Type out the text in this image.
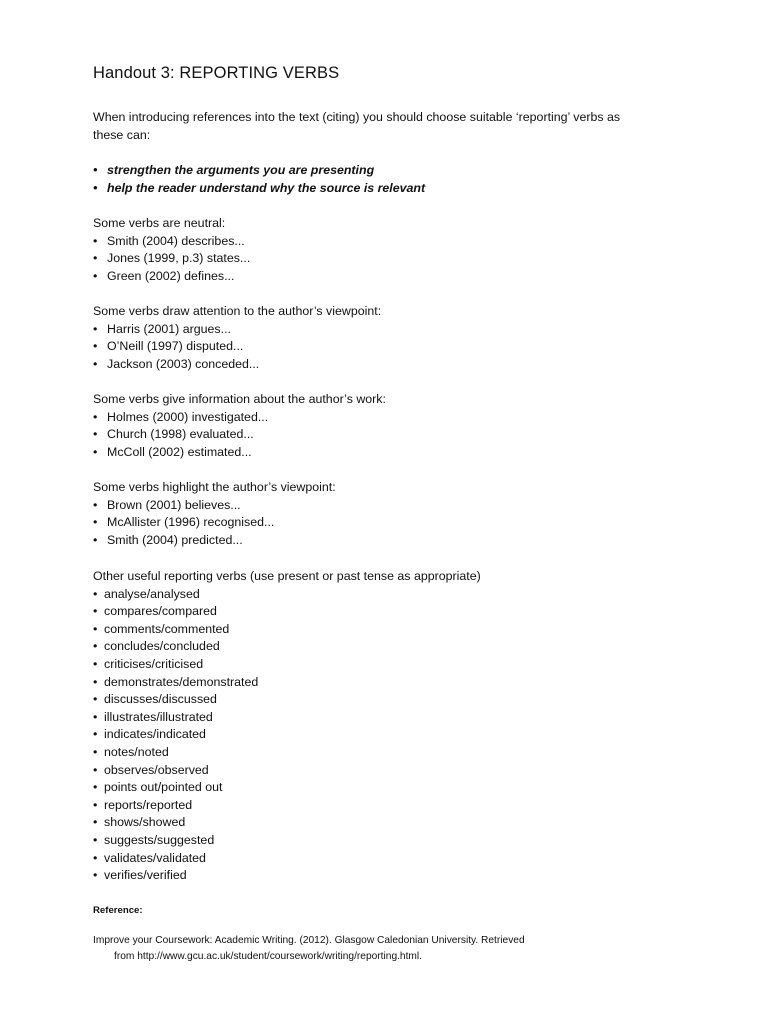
Handout 3: REPORTING VERBS

When introducing references into the text (citing) you should choose suitable ‘reporting’ verbs as

these can:

• strengthen the arguments you are presenting
• help the reader understand why the source is relevant

Some verbs are neutral:

• Smith (2004) describes...
• Jones (1999, p.3) states...
• Green (2002) defines...

Some verbs draw attention to the author’s viewpoint:

• Harris (2001) argues...
• O’Neill (1997) disputed...
• Jackson (2003) conceded...

Some verbs give information about the author’s work:

• Holmes (2000) investigated...
• Church (1998) evaluated...
• McColl (2002) estimated...

Some verbs highlight the author’s viewpoint:

• Brown (2001) believes...
• McAllister (1996) recognised...
• Smith (2004) predicted...

Other useful reporting verbs (use present or past tense as appropriate)

• analyse/analysed
• compares/compared
• comments/commented
• concludes/concluded
• criticises/criticised
• demonstrates/demonstrated
• discusses/discussed
• illustrates/illustrated
• indicates/indicated
• notes/noted
• observes/observed
• points out/pointed out
• reports/reported
• shows/showed
• suggests/suggested
• validates/validated
• verifies/verified

Reference:

Improve your Coursework: Academic Writing. (2012). Glasgow Caledonian University. Retrieved

from http://www.gcu.ac.uk/student/coursework/writing/reporting.html.
